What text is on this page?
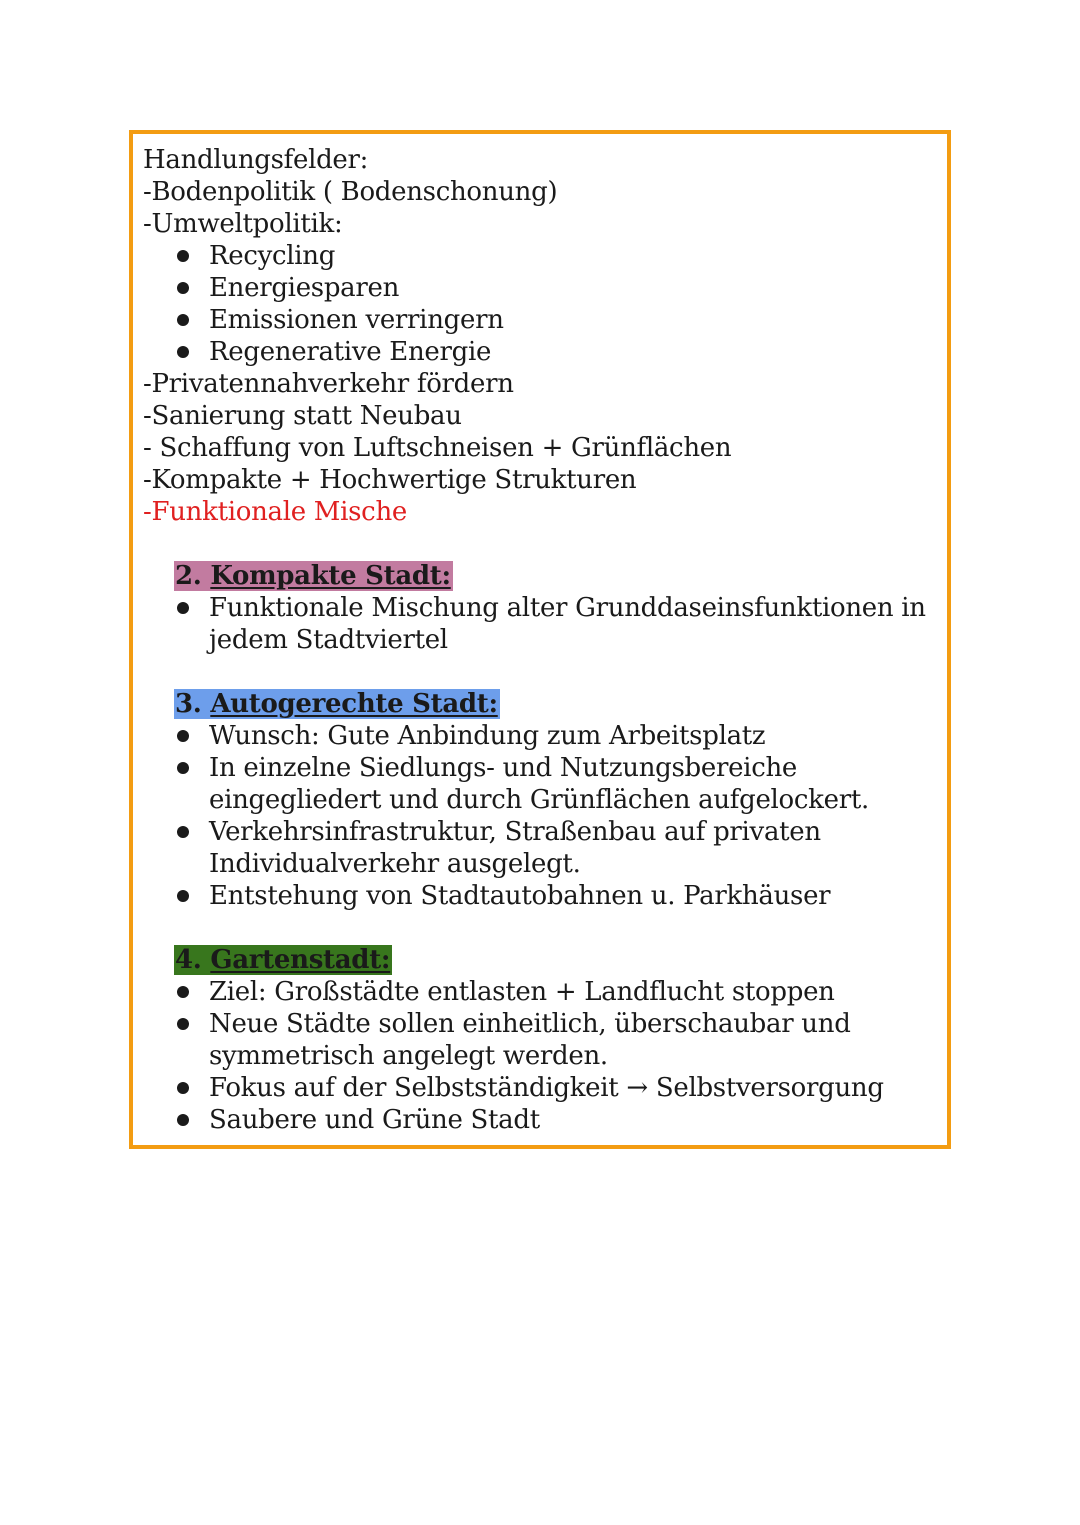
Handlungsfelder:
-Bodenpolitik ( Bodenschonung)
-Umweltpolitik:
Recycling
Energiesparen
Emissionen verringern
Regenerative Energie
-Privatennahverkehr fördern
-Sanierung statt Neubau
- Schaffung von Luftschneisen + Grünflächen
-Kompakte + Hochwertige Strukturen
-Funktionale Mische
2. Kompakte Stadt:
Funktionale Mischung alter Grunddaseinsfunktionen in jedem Stadtviertel
3. Autogerechte Stadt:
Wunsch: Gute Anbindung zum Arbeitsplatz
In einzelne Siedlungs- und Nutzungsbereiche eingegliedert und durch Grünflächen aufgelockert.
Verkehrsinfrastruktur, Straßenbau auf privaten Individualverkehr ausgelegt.
Entstehung von Stadtautobahnen u. Parkhäuser
4. Gartenstadt:
Ziel: Großstädte entlasten + Landflucht stoppen
Neue Städte sollen einheitlich, überschaubar und symmetrisch angelegt werden.
Fokus auf der Selbstständigkeit → Selbstversorgung
Saubere und Grüne Stadt
